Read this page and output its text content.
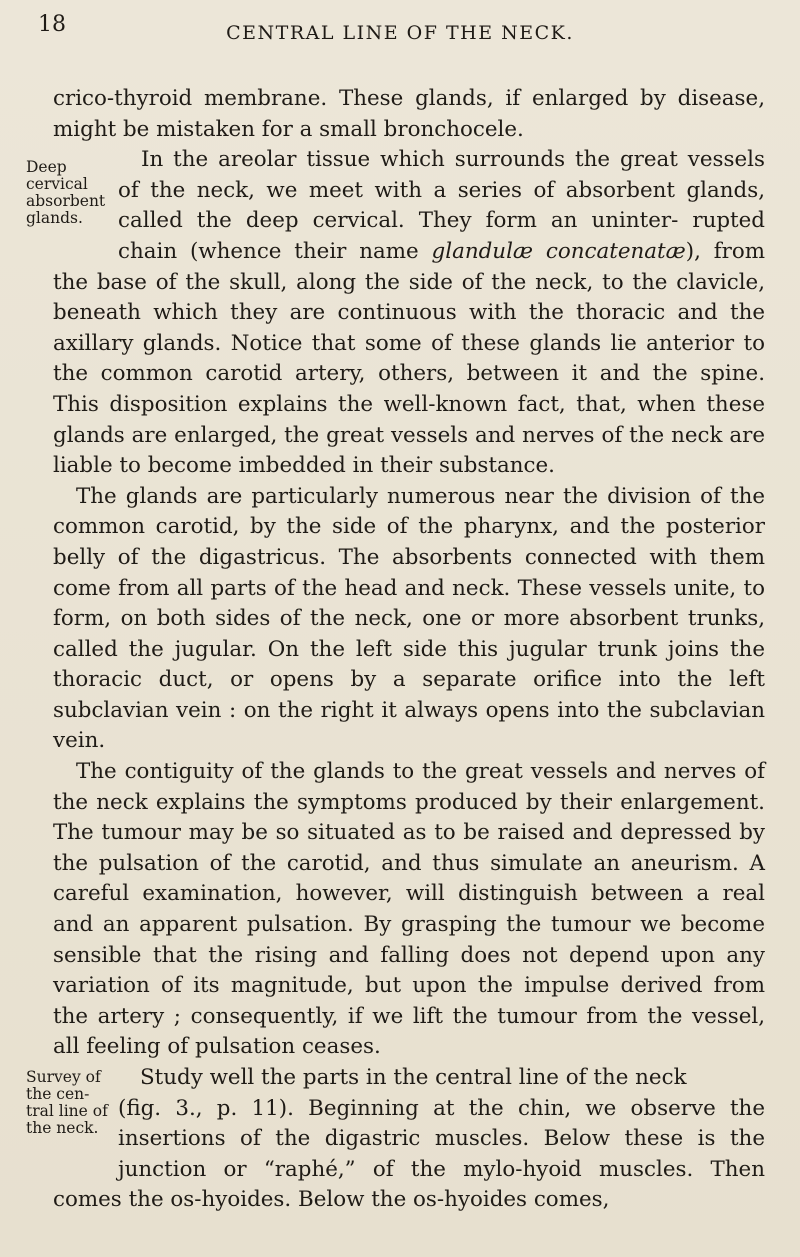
18	CENTRAL LINE OF THE NECK.

crico-thyroid membrane. These glands, if enlarged by disease, might be mistaken for a small bronchocele.

Deep cervical absorbent glands.
In the areolar tissue which surrounds the great vessels of the neck, we meet with a series of absorbent glands, called the deep cervical. They form an uninter- rupted chain (whence their name glandulæ concatenatæ), from the base of the skull, along the side of the neck, to the clavicle, beneath which they are continuous with the thoracic and the axillary glands. Notice that some of these glands lie anterior to the common carotid artery, others, between it and the spine. This disposition explains the well-known fact, that, when these glands are enlarged, the great vessels and nerves of the neck are liable to become imbedded in their substance.

The glands are particularly numerous near the division of the common carotid, by the side of the pharynx, and the posterior belly of the digastricus. The absorbents connected with them come from all parts of the head and neck. These vessels unite, to form, on both sides of the neck, one or more absorbent trunks, called the jugular. On the left side this jugular trunk joins the thoracic duct, or opens by a separate orifice into the left subclavian vein : on the right it always opens into the subclavian vein.

The contiguity of the glands to the great vessels and nerves of the neck explains the symptoms produced by their enlargement. The tumour may be so situated as to be raised and depressed by the pulsation of the carotid, and thus simulate an aneurism. A careful examination, however, will distinguish between a real and an apparent pulsation. By grasping the tumour we become sensible that the rising and falling does not depend upon any variation of its magnitude, but upon the impulse derived from the artery ; consequently, if we lift the tumour from the vessel, all feeling of pulsation ceases.

Survey of the cen- tral line of the neck.
Study well the parts in the central line of the neck
(fig. 3., p. 11). Beginning at the chin, we observe the insertions of the digastric muscles. Below these is the junction or “raphé,” of the mylo-hyoid muscles. Then comes the os-hyoides. Below the os-hyoides comes,
